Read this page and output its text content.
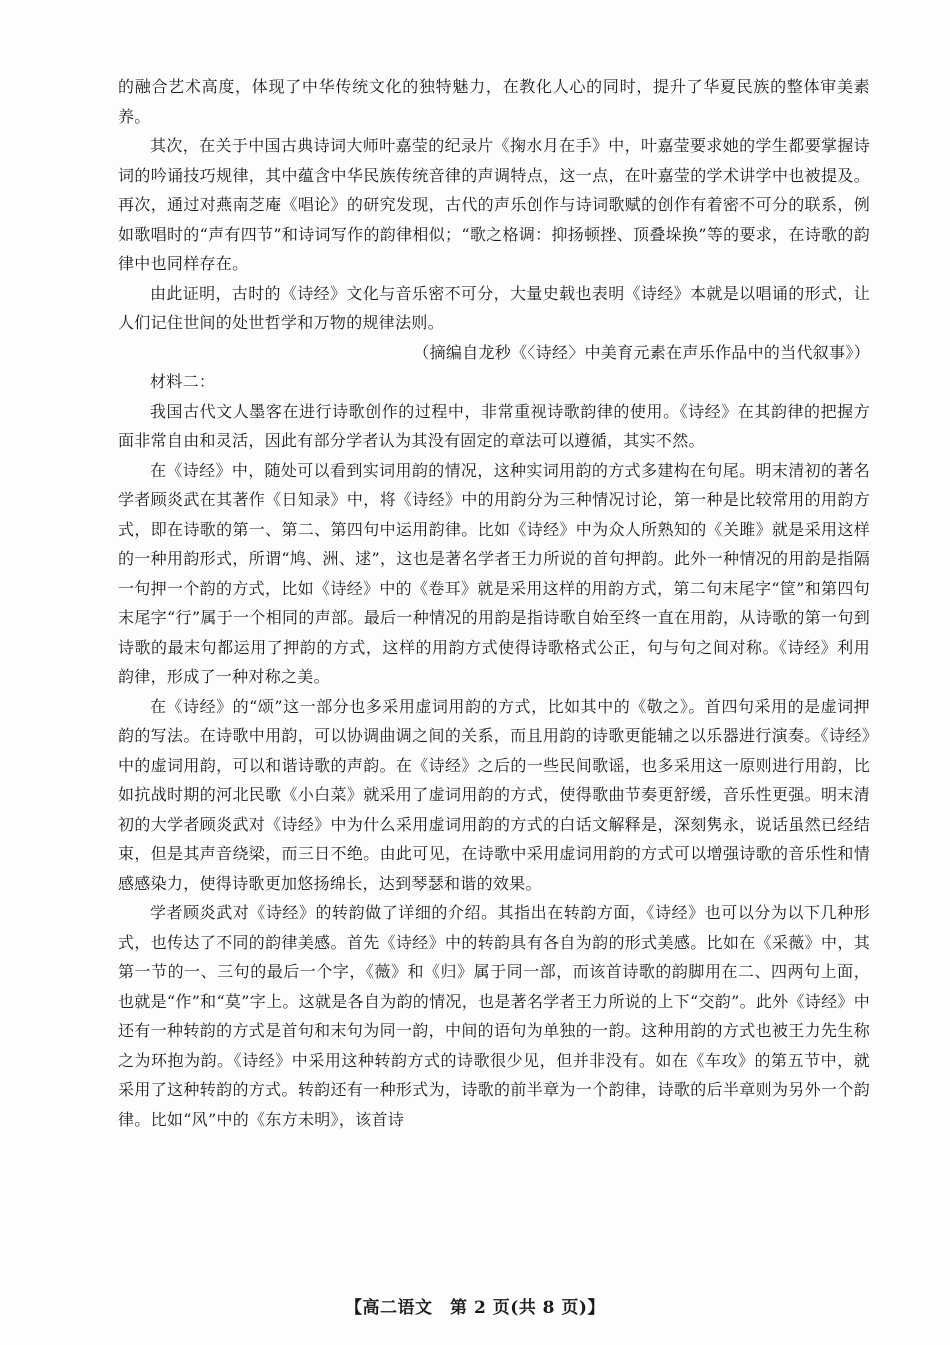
的融合艺术高度，体现了中华传统文化的独特魅力，在教化人心的同时，提升了华夏民族的整体审美素养。

其次，在关于中国古典诗词大师叶嘉莹的纪录片《掬水月在手》中，叶嘉莹要求她的学生都要掌握诗词的吟诵技巧规律，其中蕴含中华民族传统音律的声调特点，这一点，在叶嘉莹的学术讲学中也被提及。再次，通过对燕南芝庵《唱论》的研究发现，古代的声乐创作与诗词歌赋的创作有着密不可分的联系，例如歌唱时的“声有四节”和诗词写作的韵律相似；“歌之格调：抑扬顿挫、顶叠垛换”等的要求，在诗歌的韵律中也同样存在。

由此证明，古时的《诗经》文化与音乐密不可分，大量史载也表明《诗经》本就是以唱诵的形式，让人们记住世间的处世哲学和万物的规律法则。

（摘编自龙秒《〈诗经〉中美育元素在声乐作品中的当代叙事》）

材料二：

我国古代文人墨客在进行诗歌创作的过程中，非常重视诗歌韵律的使用。《诗经》在其韵律的把握方面非常自由和灵活，因此有部分学者认为其没有固定的章法可以遵循，其实不然。

在《诗经》中，随处可以看到实词用韵的情况，这种实词用韵的方式多建构在句尾。明末清初的著名学者顾炎武在其著作《日知录》中，将《诗经》中的用韵分为三种情况讨论，第一种是比较常用的用韵方式，即在诗歌的第一、第二、第四句中运用韵律。比如《诗经》中为众人所熟知的《关雎》就是采用这样的一种用韵形式，所谓“鸠、洲、逑”，这也是著名学者王力所说的首句押韵。此外一种情况的用韵是指隔一句押一个韵的方式，比如《诗经》中的《卷耳》就是采用这样的用韵方式，第二句末尾字“筐”和第四句末尾字“行”属于一个相同的声部。最后一种情况的用韵是指诗歌自始至终一直在用韵，从诗歌的第一句到诗歌的最末句都运用了押韵的方式，这样的用韵方式使得诗歌格式公正，句与句之间对称。《诗经》利用韵律，形成了一种对称之美。

在《诗经》的“颂”这一部分也多采用虚词用韵的方式，比如其中的《敬之》。首四句采用的是虚词押韵的写法。在诗歌中用韵，可以协调曲调之间的关系，而且用韵的诗歌更能辅之以乐器进行演奏。《诗经》中的虚词用韵，可以和谐诗歌的声韵。在《诗经》之后的一些民间歌谣，也多采用这一原则进行用韵，比如抗战时期的河北民歌《小白菜》就采用了虚词用韵的方式，使得歌曲节奏更舒缓，音乐性更强。明末清初的大学者顾炎武对《诗经》中为什么采用虚词用韵的方式的白话文解释是，深刻隽永，说话虽然已经结束，但是其声音绕梁，而三日不绝。由此可见，在诗歌中采用虚词用韵的方式可以增强诗歌的音乐性和情感感染力，使得诗歌更加悠扬绵长，达到琴瑟和谐的效果。

学者顾炎武对《诗经》的转韵做了详细的介绍。其指出在转韵方面，《诗经》也可以分为以下几种形式，也传达了不同的韵律美感。首先《诗经》中的转韵具有各自为韵的形式美感。比如在《采薇》中，其第一节的一、三句的最后一个字，《薇》和《归》属于同一部，而该首诗歌的韵脚用在二、四两句上面，也就是“作”和“莫”字上。这就是各自为韵的情况，也是著名学者王力所说的上下“交韵”。此外《诗经》中还有一种转韵的方式是首句和末句为同一韵，中间的语句为单独的一韵。这种用韵的方式也被王力先生称之为环抱为韵。《诗经》中采用这种转韵方式的诗歌很少见，但并非没有。如在《车攻》的第五节中，就采用了这种转韵的方式。转韵还有一种形式为，诗歌的前半章为一个韵律，诗歌的后半章则为另外一个韵律。比如“风”中的《东方未明》，该首诗

【高二语文　第 2 页(共 8 页)】
